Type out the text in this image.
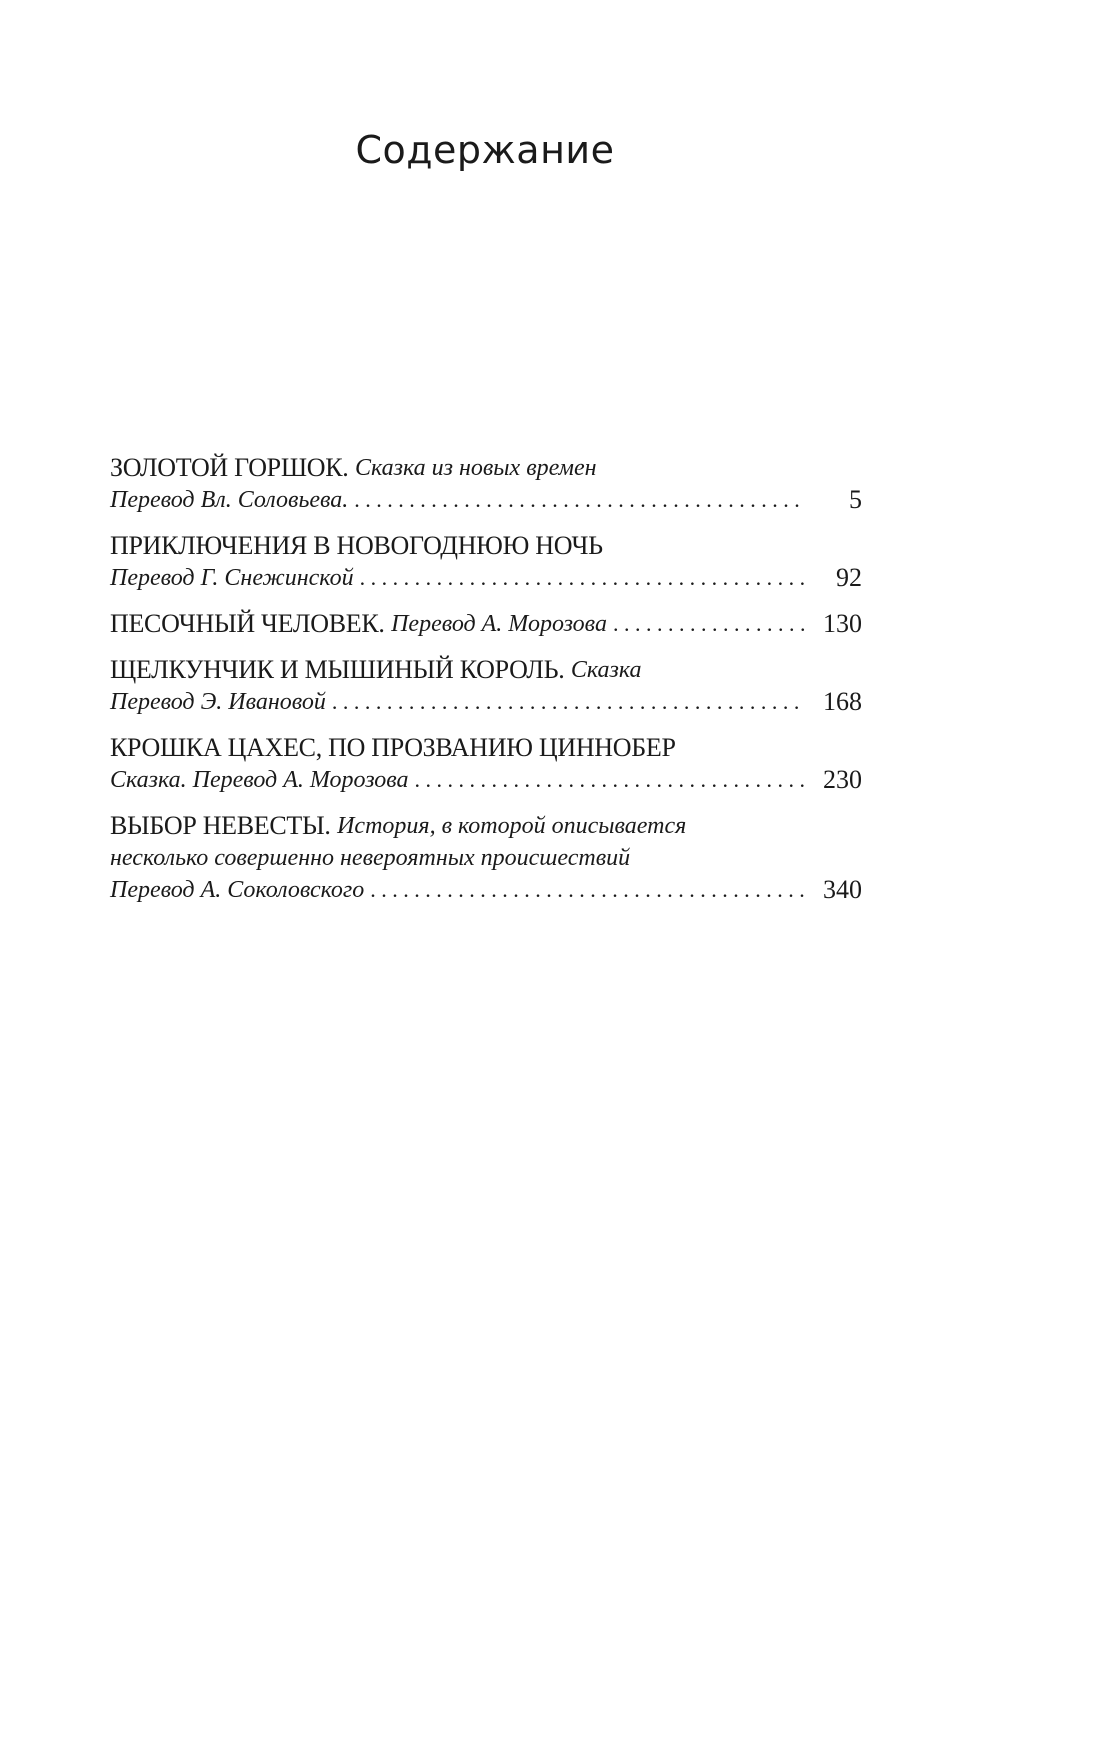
Содержание
ЗОЛОТОЙ ГОРШОК.
Сказка из новых времен
Перевод Вл. Соловьева. . . .	5
ПРИКЛЮЧЕНИЯ В НОВОГОДНЮЮ НОЧЬ
Перевод Г. Снежинской . . .	92
ПЕСОЧНЫЙ ЧЕЛОВЕК.
Перевод А. Морозова . . .	130
ЩЕЛКУНЧИК И МЫШИНЫЙ КОРОЛЬ.
Сказка
Перевод Э. Ивановой . . .	168
КРОШКА ЦАХЕС, ПО ПРОЗВАНИЮ ЦИННОБЕР
Сказка. Перевод А. Морозова . . .	230
ВЫБОР НЕВЕСТЫ.
История, в которой описывается
несколько совершенно невероятных происшествий
Перевод А. Соколовского . . .	340
